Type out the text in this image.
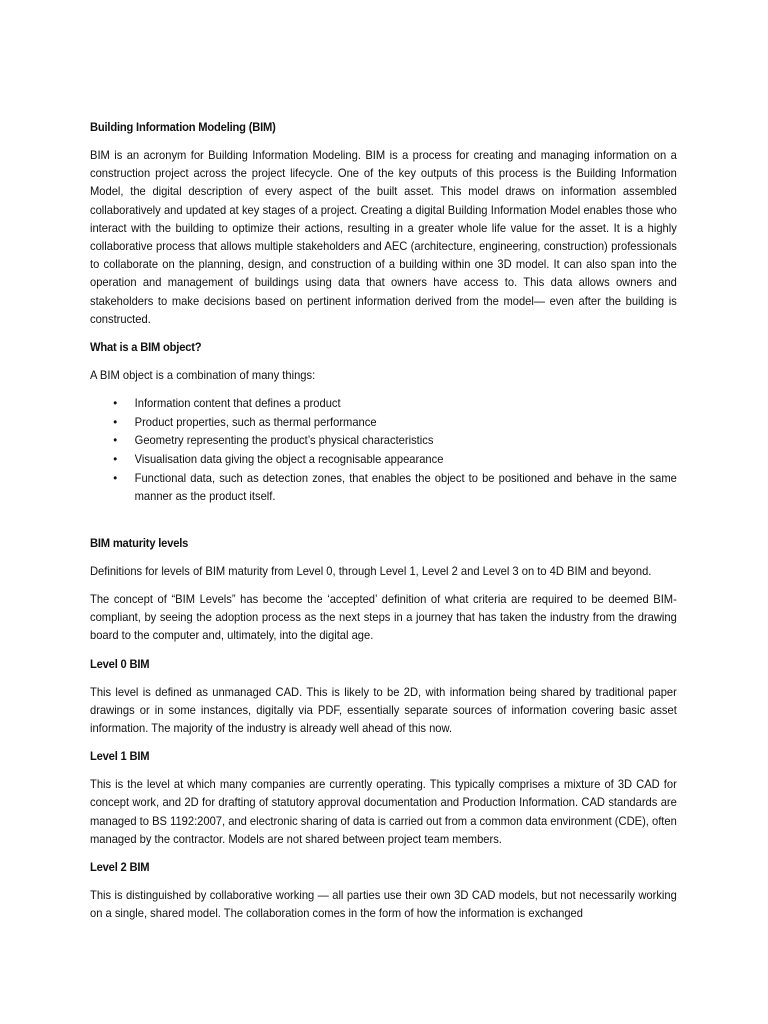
Building Information Modeling (BIM)

BIM is an acronym for Building Information Modeling. BIM is a process for creating and managing information on a construction project across the project lifecycle. One of the key outputs of this process is the Building Information Model, the digital description of every aspect of the built asset. This model draws on information assembled collaboratively and updated at key stages of a project. Creating a digital Building Information Model enables those who interact with the building to optimize their actions, resulting in a greater whole life value for the asset. It is a highly collaborative process that allows multiple stakeholders and AEC (architecture, engineering, construction) professionals to collaborate on the planning, design, and construction of a building within one 3D model. It can also span into the operation and management of buildings using data that owners have access to. This data allows owners and stakeholders to make decisions based on pertinent information derived from the model— even after the building is constructed.

What is a BIM object?

A BIM object is a combination of many things:

• Information content that defines a product
• Product properties, such as thermal performance
• Geometry representing the product’s physical characteristics
• Visualisation data giving the object a recognisable appearance
• Functional data, such as detection zones, that enables the object to be positioned and behave in the same manner as the product itself.
BIM maturity levels

Definitions for levels of BIM maturity from Level 0, through Level 1, Level 2 and Level 3 on to 4D BIM and beyond.

The concept of “BIM Levels” has become the ‘accepted’ definition of what criteria are required to be deemed BIM-compliant, by seeing the adoption process as the next steps in a journey that has taken the industry from the drawing board to the computer and, ultimately, into the digital age.

Level 0 BIM

This level is defined as unmanaged CAD. This is likely to be 2D, with information being shared by traditional paper drawings or in some instances, digitally via PDF, essentially separate sources of information covering basic asset information. The majority of the industry is already well ahead of this now.

Level 1 BIM

This is the level at which many companies are currently operating. This typically comprises a mixture of 3D CAD for concept work, and 2D for drafting of statutory approval documentation and Production Information. CAD standards are managed to BS 1192:2007, and electronic sharing of data is carried out from a common data environment (CDE), often managed by the contractor. Models are not shared between project team members.

Level 2 BIM

This is distinguished by collaborative working — all parties use their own 3D CAD models, but not necessarily working on a single, shared model. The collaboration comes in the form of how the information is exchanged
